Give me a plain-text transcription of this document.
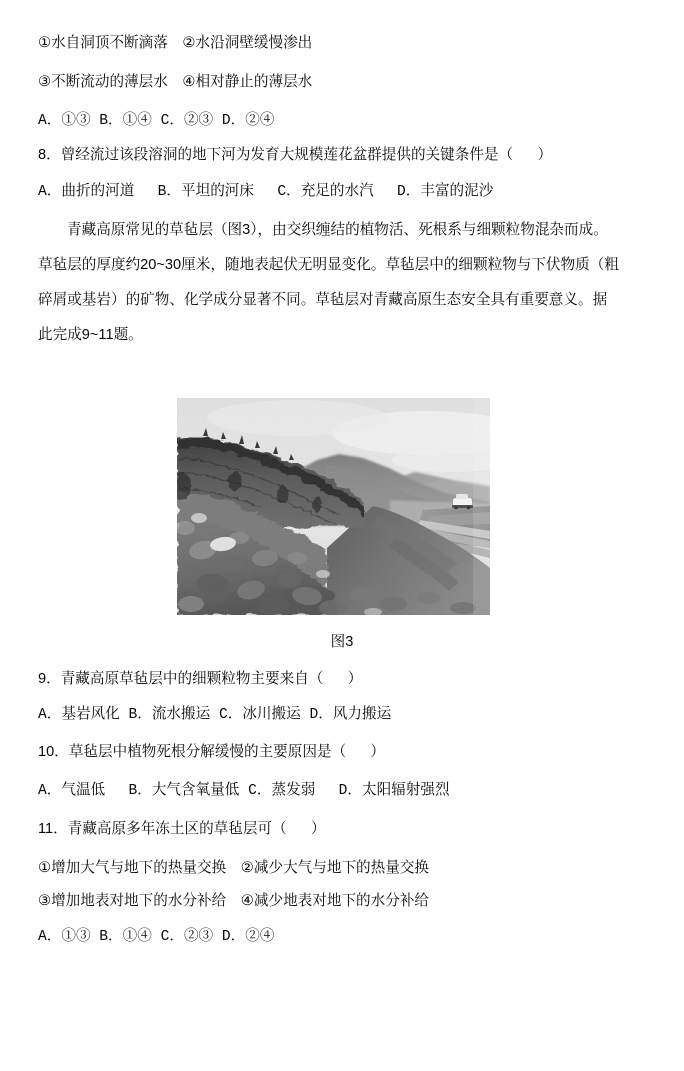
①水自洞顶不断滴落　②水沿洞壁缓慢渗出
③不断流动的薄层水　④相对静止的薄层水
A．①③ B．①④ C．②③ D．②④
8．曾经流过该段溶洞的地下河为发育大规模莲花盆群提供的关键条件是（      ）
A．曲折的河道　 B．平坦的河床　 C．充足的水汽　 D．丰富的泥沙
青藏高原常见的草毡层（图3），由交织缠结的植物活、死根系与细颗粒物混杂而成。
草毡层的厚度约20~30厘米，随地表起伏无明显变化。草毡层中的细颗粒物与下伏物质（粗
碎屑或基岩）的矿物、化学成分显著不同。草毡层对青藏高原生态安全具有重要意义。据
此完成9~11题。
图3
9．青藏高原草毡层中的细颗粒物主要来自（      ）
A．基岩风化 B．流水搬运 C．冰川搬运 D．风力搬运
10．草毡层中植物死根分解缓慢的主要原因是（      ）
A．气温低　 B．大气含氧量低 C．蒸发弱　 D．太阳辐射强烈
11．青藏高原多年冻土区的草毡层可（      ）
①增加大气与地下的热量交换　②减少大气与地下的热量交换
③增加地表对地下的水分补给　④减少地表对地下的水分补给
A．①③ B．①④ C．②③ D．②④
